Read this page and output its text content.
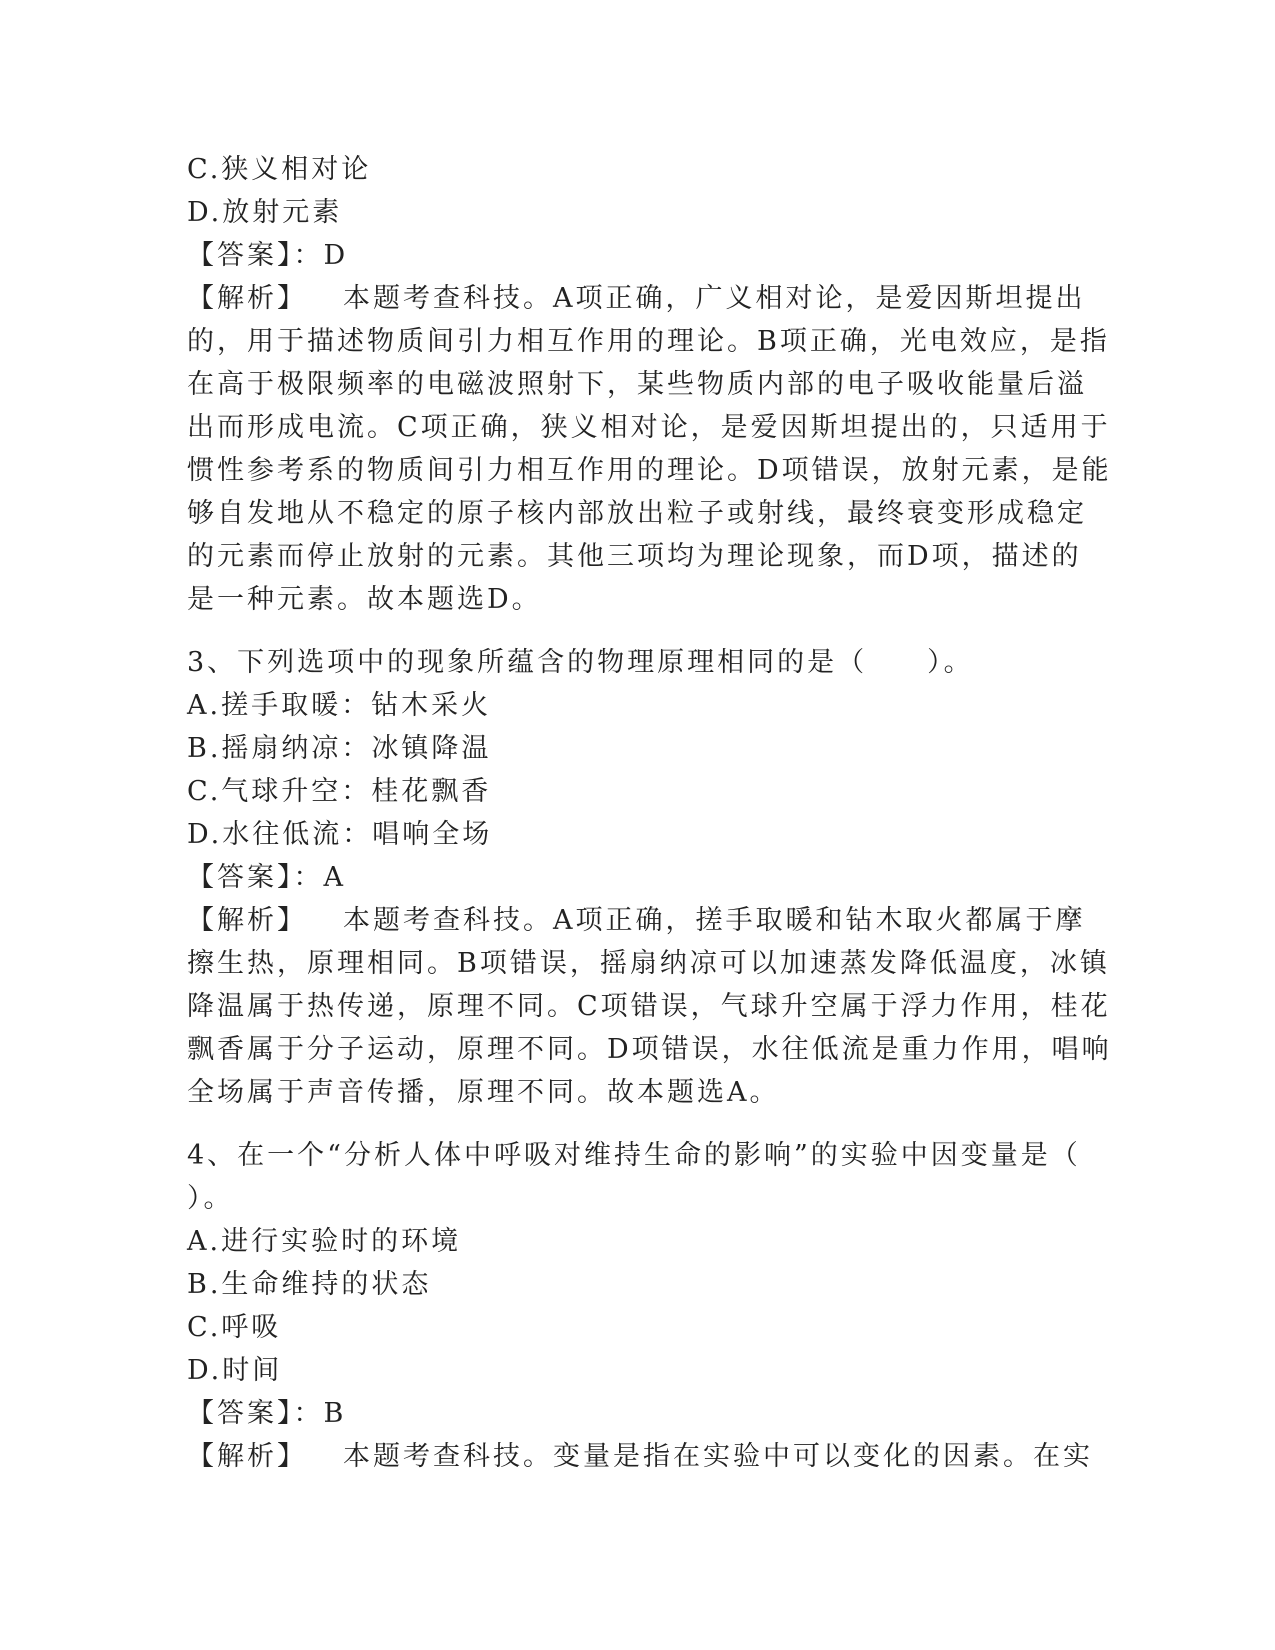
C.狭义相对论
D.放射元素
【答案】：D
【解析】 本题考查科技。A项正确，广义相对论，是爱因斯坦提出
的，用于描述物质间引力相互作用的理论。B项正确，光电效应，是指
在高于极限频率的电磁波照射下，某些物质内部的电子吸收能量后溢
出而形成电流。C项正确，狭义相对论，是爱因斯坦提出的，只适用于
惯性参考系的物质间引力相互作用的理论。D项错误，放射元素，是能
够自发地从不稳定的原子核内部放出粒子或射线，最终衰变形成稳定
的元素而停止放射的元素。其他三项均为理论现象，而D项，描述的
是一种元素。故本题选D。
3、下列选项中的现象所蕴含的物理原理相同的是（　　）。
A.搓手取暖：钻木采火
B.摇扇纳凉：冰镇降温
C.气球升空：桂花飘香
D.水往低流：唱响全场
【答案】：A
【解析】 本题考查科技。A项正确，搓手取暖和钻木取火都属于摩
擦生热，原理相同。B项错误，摇扇纳凉可以加速蒸发降低温度，冰镇
降温属于热传递，原理不同。C项错误，气球升空属于浮力作用，桂花
飘香属于分子运动，原理不同。D项错误，水往低流是重力作用，唱响
全场属于声音传播，原理不同。故本题选A。
4、在一个“分析人体中呼吸对维持生命的影响”的实验中因变量是（
）。
A.进行实验时的环境
B.生命维持的状态
C.呼吸
D.时间
【答案】：B
【解析】 本题考查科技。变量是指在实验中可以变化的因素。在实
